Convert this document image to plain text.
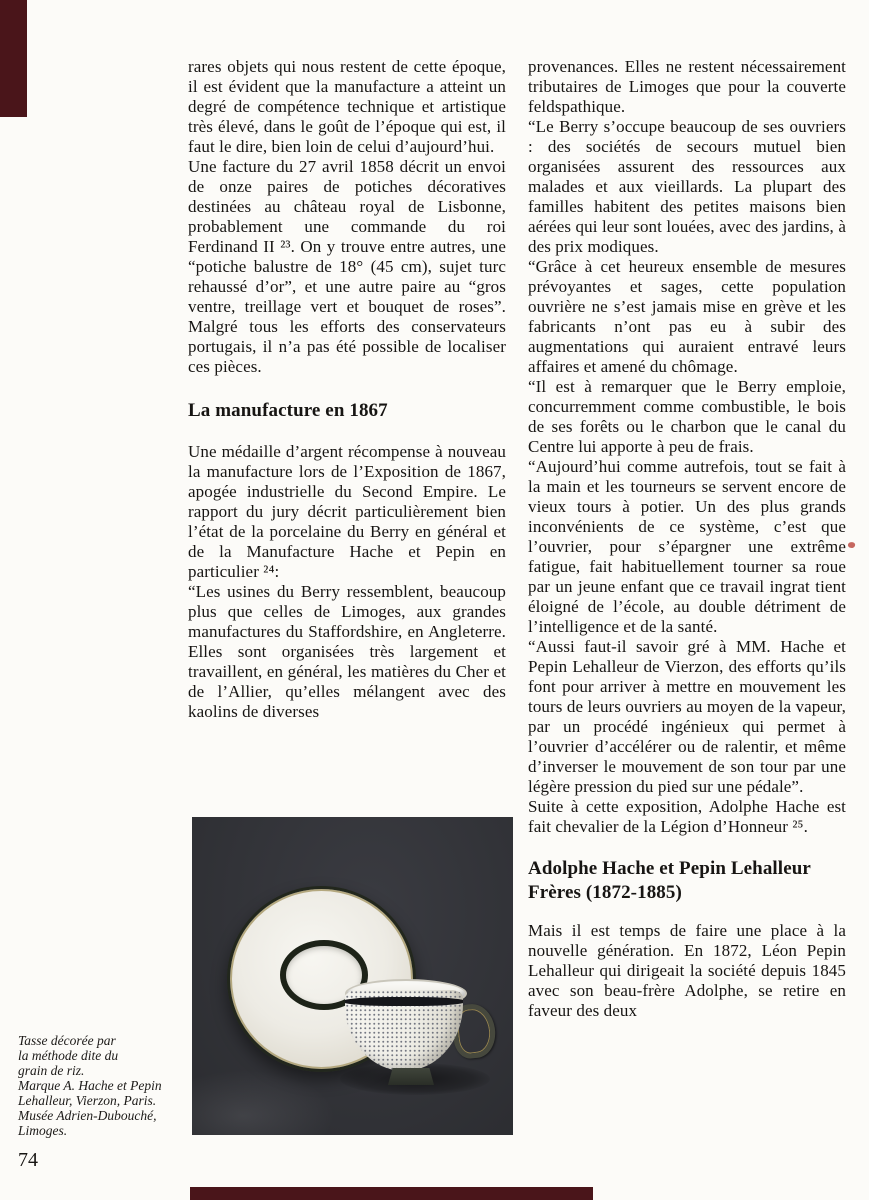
rares objets qui nous restent de cette époque, il est évident que la manufacture a atteint un degré de compétence technique et artistique très élevé, dans le goût de l’époque qui est, il faut le dire, bien loin de celui d’aujourd’hui.

Une facture du 27 avril 1858 décrit un envoi de onze paires de potiches décoratives destinées au château royal de Lisbonne, probablement une commande du roi Ferdinand II ²³. On y trouve entre autres, une “potiche balustre de 18° (45 cm), sujet turc rehaussé d’or”, et une autre paire au “gros ventre, treillage vert et bouquet de roses”. Malgré tous les efforts des conservateurs portugais, il n’a pas été possible de localiser ces pièces.

La manufacture en 1867

Une médaille d’argent récompense à nouveau la manufacture lors de l’Exposition de 1867, apogée industrielle du Second Empire. Le rapport du jury décrit particulièrement bien l’état de la porcelaine du Berry en général et de la Manufacture Hache et Pepin en particulier ²⁴:

“Les usines du Berry ressemblent, beaucoup plus que celles de Limoges, aux grandes manufactures du Staffordshire, en Angleterre. Elles sont organisées très largement et travaillent, en général, les matières du Cher et de l’Allier, qu’elles mélangent avec des kaolins de diverses

provenances. Elles ne restent nécessairement tributaires de Limoges que pour la couverte feldspathique.

“Le Berry s’occupe beaucoup de ses ouvriers : des sociétés de secours mutuel bien organisées assurent des ressources aux malades et aux vieillards. La plupart des familles habitent des petites maisons bien aérées qui leur sont louées, avec des jardins, à des prix modiques.

“Grâce à cet heureux ensemble de mesures prévoyantes et sages, cette population ouvrière ne s’est jamais mise en grève et les fabricants n’ont pas eu à subir des augmentations qui auraient entravé leurs affaires et amené du chômage.

“Il est à remarquer que le Berry emploie, concurremment comme combustible, le bois de ses forêts ou le charbon que le canal du Centre lui apporte à peu de frais.

“Aujourd’hui comme autrefois, tout se fait à la main et les tourneurs se servent encore de vieux tours à potier. Un des plus grands inconvénients de ce système, c’est que l’ouvrier, pour s’épargner une extrême fatigue, fait habituellement tourner sa roue par un jeune enfant que ce travail ingrat tient éloigné de l’école, au double détriment de l’intelligence et de la santé.

“Aussi faut-il savoir gré à MM. Hache et Pepin Lehalleur de Vierzon, des efforts qu’ils font pour arriver à mettre en mouvement les tours de leurs ouvriers au moyen de la vapeur, par un procédé ingénieux qui permet à l’ouvrier d’accélérer ou de ralentir, et même d’inverser le mouvement de son tour par une légère pression du pied sur une pédale”.

Suite à cette exposition, Adolphe Hache est fait chevalier de la Légion d’Honneur ²⁵.

Adolphe Hache et Pepin Lehalleur Frères (1872-1885)

Mais il est temps de faire une place à la nouvelle génération. En 1872, Léon Pepin Lehalleur qui dirigeait la société depuis 1845 avec son beau-frère Adolphe, se retire en faveur des deux

Tasse décorée par

la méthode dite du

grain de riz.

Marque A. Hache et Pepin

Lehalleur, Vierzon, Paris.

Musée Adrien-Dubouché,

Limoges.

74
